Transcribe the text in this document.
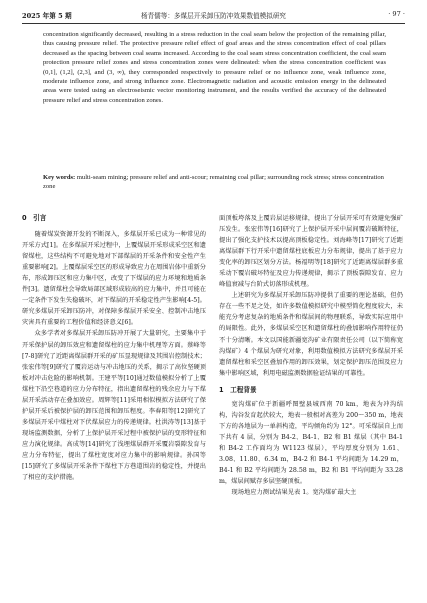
2025 年第 5 期	杨青儒等：多煤层开采卸压防冲效果数值模拟研究	· 97 ·
concentration significantly decreased, resulting in a stress reduction in the coal seam below the projection of the remaining pillar, thus causing pressure relief. The protective pressure relief effect of goaf areas and the stress concentration effect of coal pillars decreased as the spacing between coal seams increased. According to the coal seam stress concentration coefficient, the coal seam protection pressure relief zones and stress concentration zones were delineated: when the stress concentration coefficient was (0,1], (1,2], (2,3], and (3, ∞), they corresponded respectively to pressure relief or no influence zone, weak influence zone, moderate influence zone, and strong influence zone. Electromagnetic radiation and acoustic emission energy in the delineated areas were tested using an electroseismic vector monitoring instrument, and the results verified the accuracy of the delineated pressure relief and stress concentration zones.
Key words: multi-seam mining; pressure relief and anti-scour; remaining coal pillar; surrounding rock stress; stress concentration zone
0　引言

随着煤炭资源开发的不断深入，多煤层开采已成为一种常见的开采方式[1]。在多煤层开采过程中，上覆煤层开采形成采空区和遗留煤柱，这些结构不可避免地对下部煤层的开采条件和安全性产生重要影响[2]。上覆煤层采空区的形成导致应力在周围岩体中重新分布，形成卸压区和应力集中区，改变了下煤层的应力环境和地质条件[3]。遗留煤柱会导致局部区域形成较高的应力集中，并且可能在一定条件下发生失稳破坏，对下煤层的开采稳定性产生影响[4-5]。研究多煤层开采卸压防冲，对保障多煤层开采安全、控制冲击地压灾害具有重要的工程价值和经济意义[6]。

众多学者对多煤层开采卸压防冲开展了大量研究，主要集中于开采保护层的卸压效应和遗留煤柱的应力集中机理等方面。蔡峰等[7-8]研究了近距离煤层群开采的矿压显现规律及其围岩控制技术；张宏伟等[9]研究了覆岩运动与冲击地压的关系，揭示了高位坚硬顶板对冲击危险的影响机制。王建平等[10]通过数值模拟分析了上覆煤柱下沿空巷道的应力分布特征，指出遗留煤柱的残余应力与下煤层开采活动存在叠加效应。周辉等[11]采用相似模拟方法研究了保护层开采后被保护层的卸压范围和卸压程度。李春阳等[12]研究了多煤层开采中煤柱对下伏煤层应力的传递规律。杜洪涛等[13]基于现场监测数据，分析了上保护层开采过程中被保护层的变形特征和应力演化规律。高成等[14]研究了浅埋煤层群开采覆岩裂隙发育与应力分布特征，提出了煤柱宽度对应力集中的影响规律。孙国等[15]研究了多煤层开采条件下煤柱下方巷道围岩的稳定性，并提出了相应的支护措施。

面顶板垮落及上覆岩层运移规律，提出了分层开采可有效避免强矿压发生。张宏伟等[16]研究了上保护层开采中层间覆岩破断特征，提出了强化支护技术以提高顶板稳定性。刘海峰等[17]研究了近距离煤层群下行开采中遗留煤柱底板应力分布规律，提出了基于应力变化率的卸压区划分方法。杨福明等[18]研究了近距离煤层群多重采动下覆岩破坏特征及应力传递规律，揭示了顶板裂隙发育、应力峰值衰减与台阶式切落形成机理。

上述研究为多煤层开采卸压防冲提供了重要的理论基础，但仍存在一些不足之处，如许多数值模拟研究中模型简化程度较大，未能充分考虑复杂的地质条件和煤层间的物理联系，导致实际应用中的局限性。此外，多煤层采空区和遗留煤柱的叠加影响作用特征仍不十分清晰。本文以国能新疆宽沟矿业有限责任公司（以下简称宽沟煤矿）4 个煤层为研究对象，利用数值模拟方法研究多煤层开采遗留煤柱和采空区叠加作用的卸压效果，划定保护卸压范围及应力集中影响区域，利用电磁监测数据验证结果的可靠性。

1　工程背景

宽沟煤矿位于新疆呼图壁县城西南 70 km，地表为冲沟结构，沟谷发育起伏较大，地表一般相对高差为 200～350 m，地表下方的各地层为一单斜构造，平均倾角约为 12°。可采煤层自上而下共有 4 层，分别为 B4-2、B4-1、B2 和 B1 煤层（其中 B4-1 和 B4-2 工作面均为 W1123 煤层），平均厚度分别为 1.61、3.08、11.80、6.34 m，B4-2 和 B4-1 平均间距为 14.29 m，B4-1 和 B2 平均间距为 28.58 m，B2 和 B1 平均间距为 33.28 m，煤层间赋存多层坚硬顶板。

现场地应力测试结果见表 1。宽沟煤矿最大主
